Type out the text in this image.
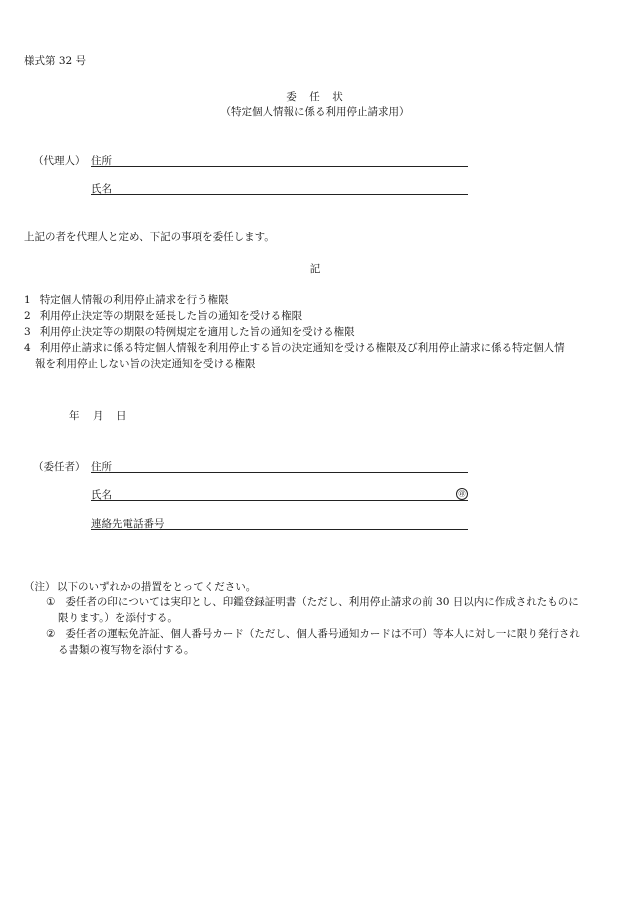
様式第 32 号
委　任　状
（特定個人情報に係る利用停止請求用）
（代理人） 住所
氏名
上記の者を代理人と定め、下記の事項を委任します。
記
1 特定個人情報の利用停止請求を行う権限
2 利用停止決定等の期限を延長した旨の通知を受ける権限
3 利用停止決定等の期限の特例規定を適用した旨の通知を受ける権限
4 利用停止請求に係る特定個人情報を利用停止する旨の決定通知を受ける権限及び利用停止請求に係る特定個人情
報を利用停止しない旨の決定通知を受ける権限
年 月 日
（委任者） 住所
氏名	㊞
連絡先電話番号
（注） 以下のいずれかの措置をとってください。
① 委任者の印については実印とし、印鑑登録証明書（ただし、利用停止請求の前 30 日以内に作成されたものに
限ります。）を添付する。
② 委任者の運転免許証、個人番号カード（ただし、個人番号通知カードは不可）等本人に対し一に限り発行され
る書類の複写物を添付する。
